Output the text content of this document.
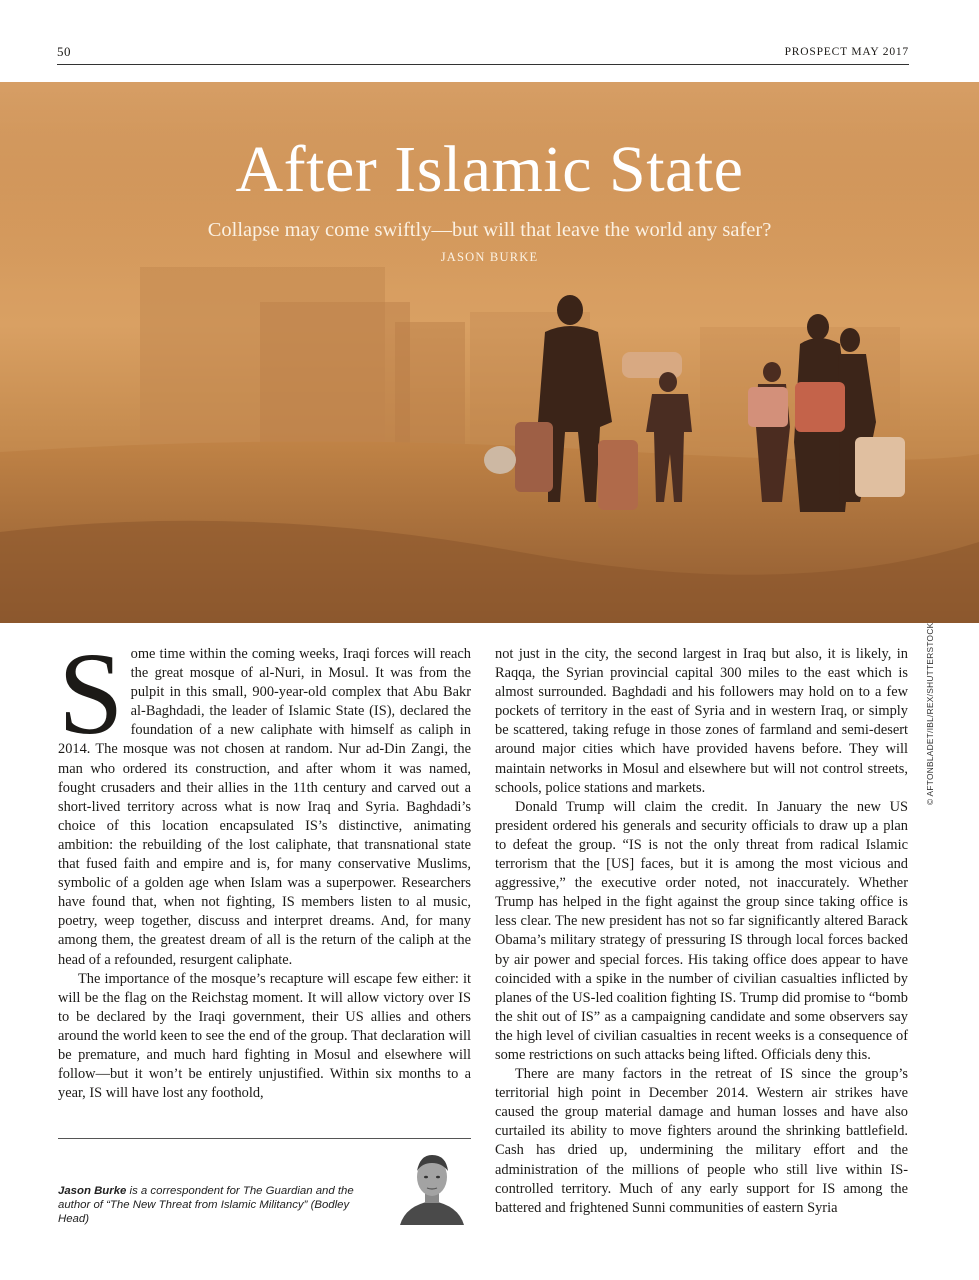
50	PROSPECT MAY 2017
After Islamic State
Collapse may come swiftly—but will that leave the world any safer?
JASON BURKE
© AFTONBLADET/IBL/REX/SHUTTERSTOCK

Some time within the coming weeks, Iraqi forces will reach the great mosque of al-Nuri, in Mosul. It was from the pulpit in this small, 900-year-old complex that Abu Bakr al-Baghdadi, the leader of Islamic State (IS), declared the foundation of a new caliphate with himself as caliph in 2014. The mosque was not chosen at random. Nur ad-Din Zangi, the man who ordered its construction, and after whom it was named, fought crusaders and their allies in the 11th century and carved out a short-lived territory across what is now Iraq and Syria. Baghdadi’s choice of this location encapsulated IS’s distinctive, animating ambition: the rebuilding of the lost caliphate, that transnational state that fused faith and empire and is, for many conservative Muslims, symbolic of a golden age when Islam was a superpower. Researchers have found that, when not fighting, IS members listen to al music, poetry, weep together, discuss and interpret dreams. And, for many among them, the greatest dream of all is the return of the caliph at the head of a refounded, resurgent caliphate.

The importance of the mosque’s recapture will escape few either: it will be the flag on the Reichstag moment. It will allow victory over IS to be declared by the Iraqi government, their US allies and others around the world keen to see the end of the group. That declaration will be premature, and much hard fighting in Mosul and elsewhere will follow—but it won’t be entirely unjustified. Within six months to a year, IS will have lost any foothold,

not just in the city, the second largest in Iraq but also, it is likely, in Raqqa, the Syrian provincial capital 300 miles to the east which is almost surrounded. Baghdadi and his followers may hold on to a few pockets of territory in the east of Syria and in western Iraq, or simply be scattered, taking refuge in those zones of farmland and semi-desert around major cities which have provided havens before. They will maintain networks in Mosul and elsewhere but will not control streets, schools, police stations and markets.

Donald Trump will claim the credit. In January the new US president ordered his generals and security officials to draw up a plan to defeat the group. “IS is not the only threat from radical Islamic terrorism that the [US] faces, but it is among the most vicious and aggressive,” the executive order noted, not inaccurately. Whether Trump has helped in the fight against the group since taking office is less clear. The new president has not so far significantly altered Barack Obama’s military strategy of pressuring IS through local forces backed by air power and special forces. His taking office does appear to have coincided with a spike in the number of civilian casualties inflicted by planes of the US-led coalition fighting IS. Trump did promise to “bomb the shit out of IS” as a campaigning candidate and some observers say the high level of civilian casualties in recent weeks is a consequence of some restrictions on such attacks being lifted. Officials deny this.

There are many factors in the retreat of IS since the group’s territorial high point in December 2014. Western air strikes have caused the group material damage and human losses and have also curtailed its ability to move fighters around the shrinking battlefield. Cash has dried up, undermining the military effort and the administration of the millions of people who still live within IS-controlled territory. Much of any early support for IS among the battered and frightened Sunni communities of eastern Syria

Jason Burke is a correspondent for The Guardian and the author of “The New Threat from Islamic Militancy” (Bodley Head)
